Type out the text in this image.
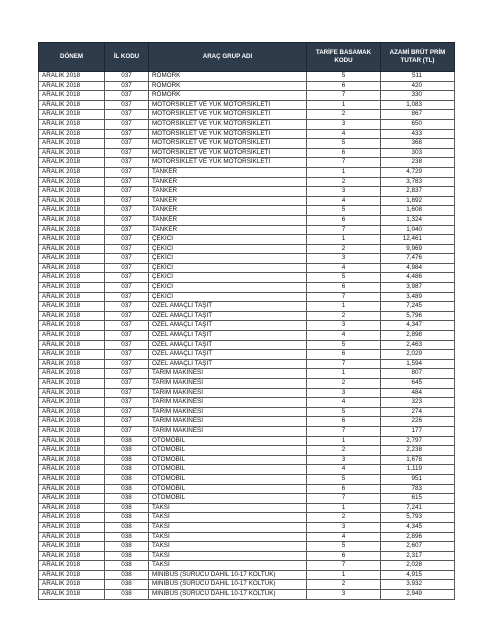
DÖNEM	İL KODU	ARAÇ GRUP ADI	TARİFE BASAMAK KODU	AZAMİ BRÜT PRİM TUTAR (TL)
ARALIK 2018	037	RÖMORK	5	511
ARALIK 2018	037	RÖMORK	6	420
ARALIK 2018	037	RÖMORK	7	330
ARALIK 2018	037	MOTORSİKLET VE YÜK MOTORSİKLETİ	1	1,083
ARALIK 2018	037	MOTORSİKLET VE YÜK MOTORSİKLETİ	2	867
ARALIK 2018	037	MOTORSİKLET VE YÜK MOTORSİKLETİ	3	650
ARALIK 2018	037	MOTORSİKLET VE YÜK MOTORSİKLETİ	4	433
ARALIK 2018	037	MOTORSİKLET VE YÜK MOTORSİKLETİ	5	368
ARALIK 2018	037	MOTORSİKLET VE YÜK MOTORSİKLETİ	6	303
ARALIK 2018	037	MOTORSİKLET VE YÜK MOTORSİKLETİ	7	238
ARALIK 2018	037	TANKER	1	4,729
ARALIK 2018	037	TANKER	2	3,783
ARALIK 2018	037	TANKER	3	2,837
ARALIK 2018	037	TANKER	4	1,892
ARALIK 2018	037	TANKER	5	1,608
ARALIK 2018	037	TANKER	6	1,324
ARALIK 2018	037	TANKER	7	1,040
ARALIK 2018	037	ÇEKİCİ	1	12,461
ARALIK 2018	037	ÇEKİCİ	2	9,969
ARALIK 2018	037	ÇEKİCİ	3	7,476
ARALIK 2018	037	ÇEKİCİ	4	4,984
ARALIK 2018	037	ÇEKİCİ	5	4,486
ARALIK 2018	037	ÇEKİCİ	6	3,987
ARALIK 2018	037	ÇEKİCİ	7	3,489
ARALIK 2018	037	ÖZEL AMAÇLI TAŞIT	1	7,245
ARALIK 2018	037	ÖZEL AMAÇLI TAŞIT	2	5,796
ARALIK 2018	037	ÖZEL AMAÇLI TAŞIT	3	4,347
ARALIK 2018	037	ÖZEL AMAÇLI TAŞIT	4	2,898
ARALIK 2018	037	ÖZEL AMAÇLI TAŞIT	5	2,463
ARALIK 2018	037	ÖZEL AMAÇLI TAŞIT	6	2,029
ARALIK 2018	037	ÖZEL AMAÇLI TAŞIT	7	1,594
ARALIK 2018	037	TARIM MAKİNESİ	1	807
ARALIK 2018	037	TARIM MAKİNESİ	2	645
ARALIK 2018	037	TARIM MAKİNESİ	3	484
ARALIK 2018	037	TARIM MAKİNESİ	4	323
ARALIK 2018	037	TARIM MAKİNESİ	5	274
ARALIK 2018	037	TARIM MAKİNESİ	6	226
ARALIK 2018	037	TARIM MAKİNESİ	7	177
ARALIK 2018	038	OTOMOBİL	1	2,797
ARALIK 2018	038	OTOMOBİL	2	2,238
ARALIK 2018	038	OTOMOBİL	3	1,678
ARALIK 2018	038	OTOMOBİL	4	1,119
ARALIK 2018	038	OTOMOBİL	5	951
ARALIK 2018	038	OTOMOBİL	6	783
ARALIK 2018	038	OTOMOBİL	7	615
ARALIK 2018	038	TAKSİ	1	7,241
ARALIK 2018	038	TAKSİ	2	5,793
ARALIK 2018	038	TAKSİ	3	4,345
ARALIK 2018	038	TAKSİ	4	2,896
ARALIK 2018	038	TAKSİ	5	2,607
ARALIK 2018	038	TAKSİ	6	2,317
ARALIK 2018	038	TAKSİ	7	2,028
ARALIK 2018	038	MİNİBÜS (SÜRÜCÜ DAHİL 10-17 KOLTUK)	1	4,915
ARALIK 2018	038	MİNİBÜS (SÜRÜCÜ DAHİL 10-17 KOLTUK)	2	3,932
ARALIK 2018	038	MİNİBÜS (SÜRÜCÜ DAHİL 10-17 KOLTUK)	3	2,949
